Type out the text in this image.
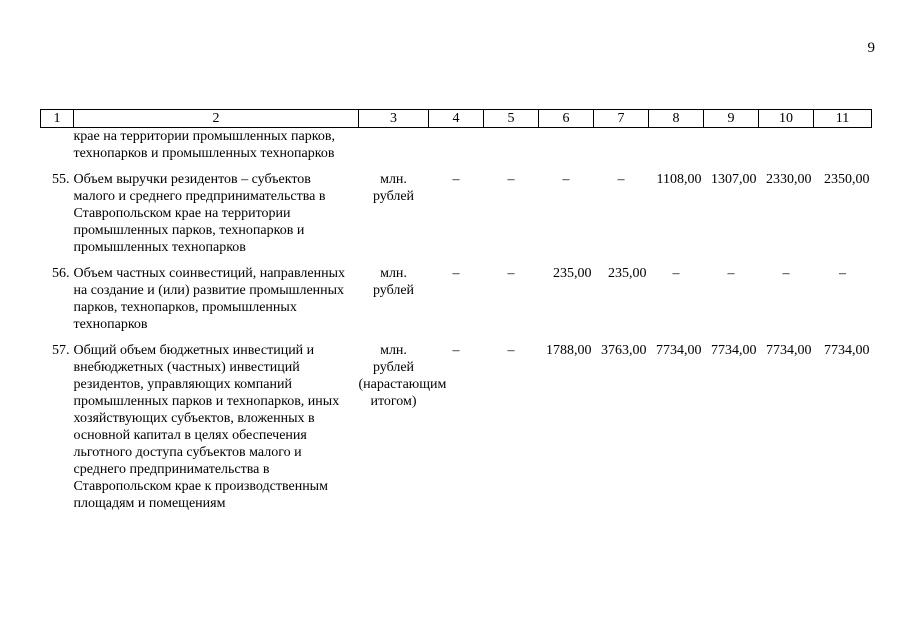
9
1	2	3	4	5	6	7	8	9	10	11
	крае на территории промышленных парков, технопарков и промышленных технопарков									
55.	Объем выручки резидентов – субъектов малого и среднего предпринимательства в Ставропольском крае на территории промышленных парков, технопарков и промышленных технопарков	млн. рублей	–	–	–	–	1108,00	1307,00	2330,00	2350,00
56.	Объем частных соинвестиций, направленных на создание и (или) развитие промышленных парков, технопарков, промышленных технопарков	млн. рублей	–	–	235,00	235,00	–	–	–	–
57.	Общий объем бюджетных инвестиций и внебюджетных (частных) инвестиций резидентов, управляющих компаний промышленных парков и технопарков, иных хозяйствующих субъектов, вложенных в основной капитал в целях обеспечения льготного доступа субъектов малого и среднего предпринимательства в Ставропольском крае к производственным площадям и помещениям	млн. рублей (нарастающим итогом)	–	–	1788,00	3763,00	7734,00	7734,00	7734,00	7734,00
